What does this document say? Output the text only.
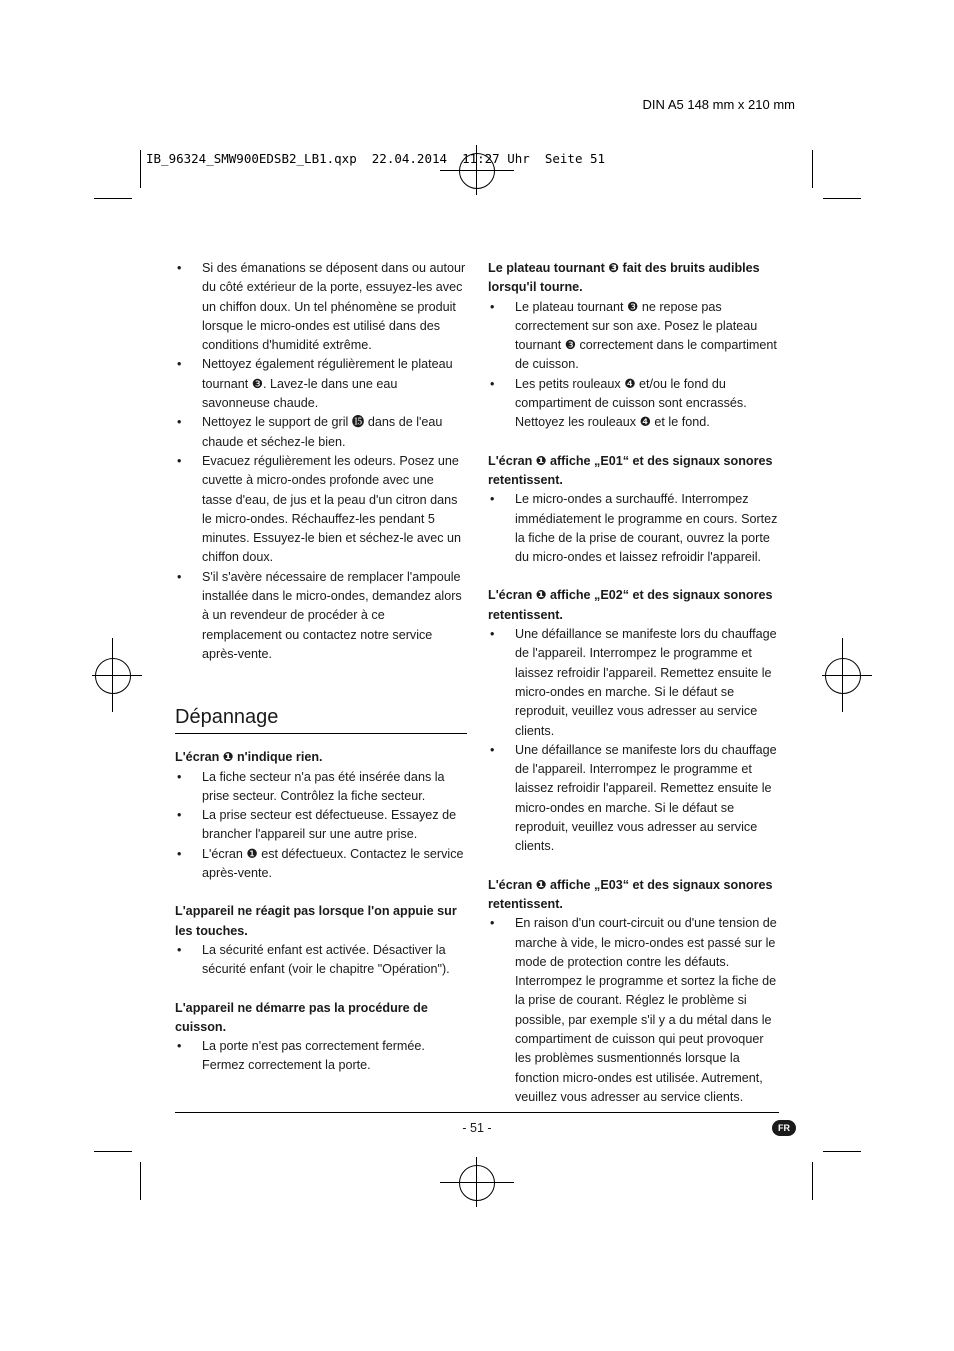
DIN A5 148 mm x 210 mm
IB_96324_SMW900EDSB2_LB1.qxp  22.04.2014  11:27 Uhr  Seite 51

• Si des émanations se déposent dans ou autour du côté extérieur de la porte, essuyez-les avec un chiffon doux. Un tel phénomène se produit lorsque le micro-ondes est utilisé dans des conditions d'humidité extrême.

• Nettoyez également régulièrement le plateau tournant ❸. Lavez-le dans une eau savonneuse chaude.

• Nettoyez le support de gril ⓯ dans de l'eau chaude et séchez-le bien.

• Evacuez régulièrement les odeurs. Posez une cuvette à micro-ondes profonde avec une tasse d'eau, de jus et la peau d'un citron dans le micro-ondes. Réchauffez-les pendant 5 minutes. Essuyez-le bien et séchez-le avec un chiffon doux.

• S'il s'avère nécessaire de remplacer l'ampoule installée dans le micro-ondes, demandez alors à un revendeur de procéder à ce remplacement ou contactez notre service après-vente.

Dépannage

L'écran ❶ n'indique rien.

• La fiche secteur n'a pas été insérée dans la prise secteur. Contrôlez la fiche secteur.

• La prise secteur est défectueuse. Essayez de brancher l'appareil sur une autre prise.

• L'écran ❶ est défectueux. Contactez le service après-vente.

L'appareil ne réagit pas lorsque l'on appuie sur les touches.

• La sécurité enfant est activée. Désactiver la sécurité enfant (voir le chapitre "Opération").

L'appareil ne démarre pas la procédure de cuisson.

• La porte n'est pas correctement fermée. Fermez correctement la porte.

Le plateau tournant ❸ fait des bruits audibles lorsqu'il tourne.

• Le plateau tournant ❸ ne repose pas correctement sur son axe. Posez le plateau tournant ❸ correctement dans le compartiment de cuisson.

• Les petits rouleaux ❹ et/ou le fond du compartiment de cuisson sont encrassés. Nettoyez les rouleaux ❹ et le fond.

L'écran ❶ affiche „E01“ et des signaux sonores retentissent.

• Le micro-ondes a surchauffé. Interrompez immédiatement le programme en cours. Sortez la fiche de la prise de courant, ouvrez la porte du micro-ondes et laissez refroidir l'appareil.

L'écran ❶ affiche „E02“ et des signaux sonores retentissent.

• Une défaillance se manifeste lors du chauffage de l'appareil. Interrompez le programme et laissez refroidir l'appareil. Remettez ensuite le micro-ondes en marche. Si le défaut se reproduit, veuillez vous adresser au service clients.

• Une défaillance se manifeste lors du chauffage de l'appareil. Interrompez le programme et laissez refroidir l'appareil. Remettez ensuite le micro-ondes en marche. Si le défaut se reproduit, veuillez vous adresser au service clients.

L'écran ❶ affiche „E03“ et des signaux sonores retentissent.

• En raison d'un court-circuit ou d'une tension de marche à vide, le micro-ondes est passé sur le mode de protection contre les défauts. Interrompez le programme et sortez la fiche de la prise de courant. Réglez le problème si possible, par exemple s'il y a du métal dans le compartiment de cuisson qui peut provoquer les problèmes susmentionnés lorsque la fonction micro-ondes est utilisée. Autrement, veuillez vous adresser au service clients.

- 51 -	FR
